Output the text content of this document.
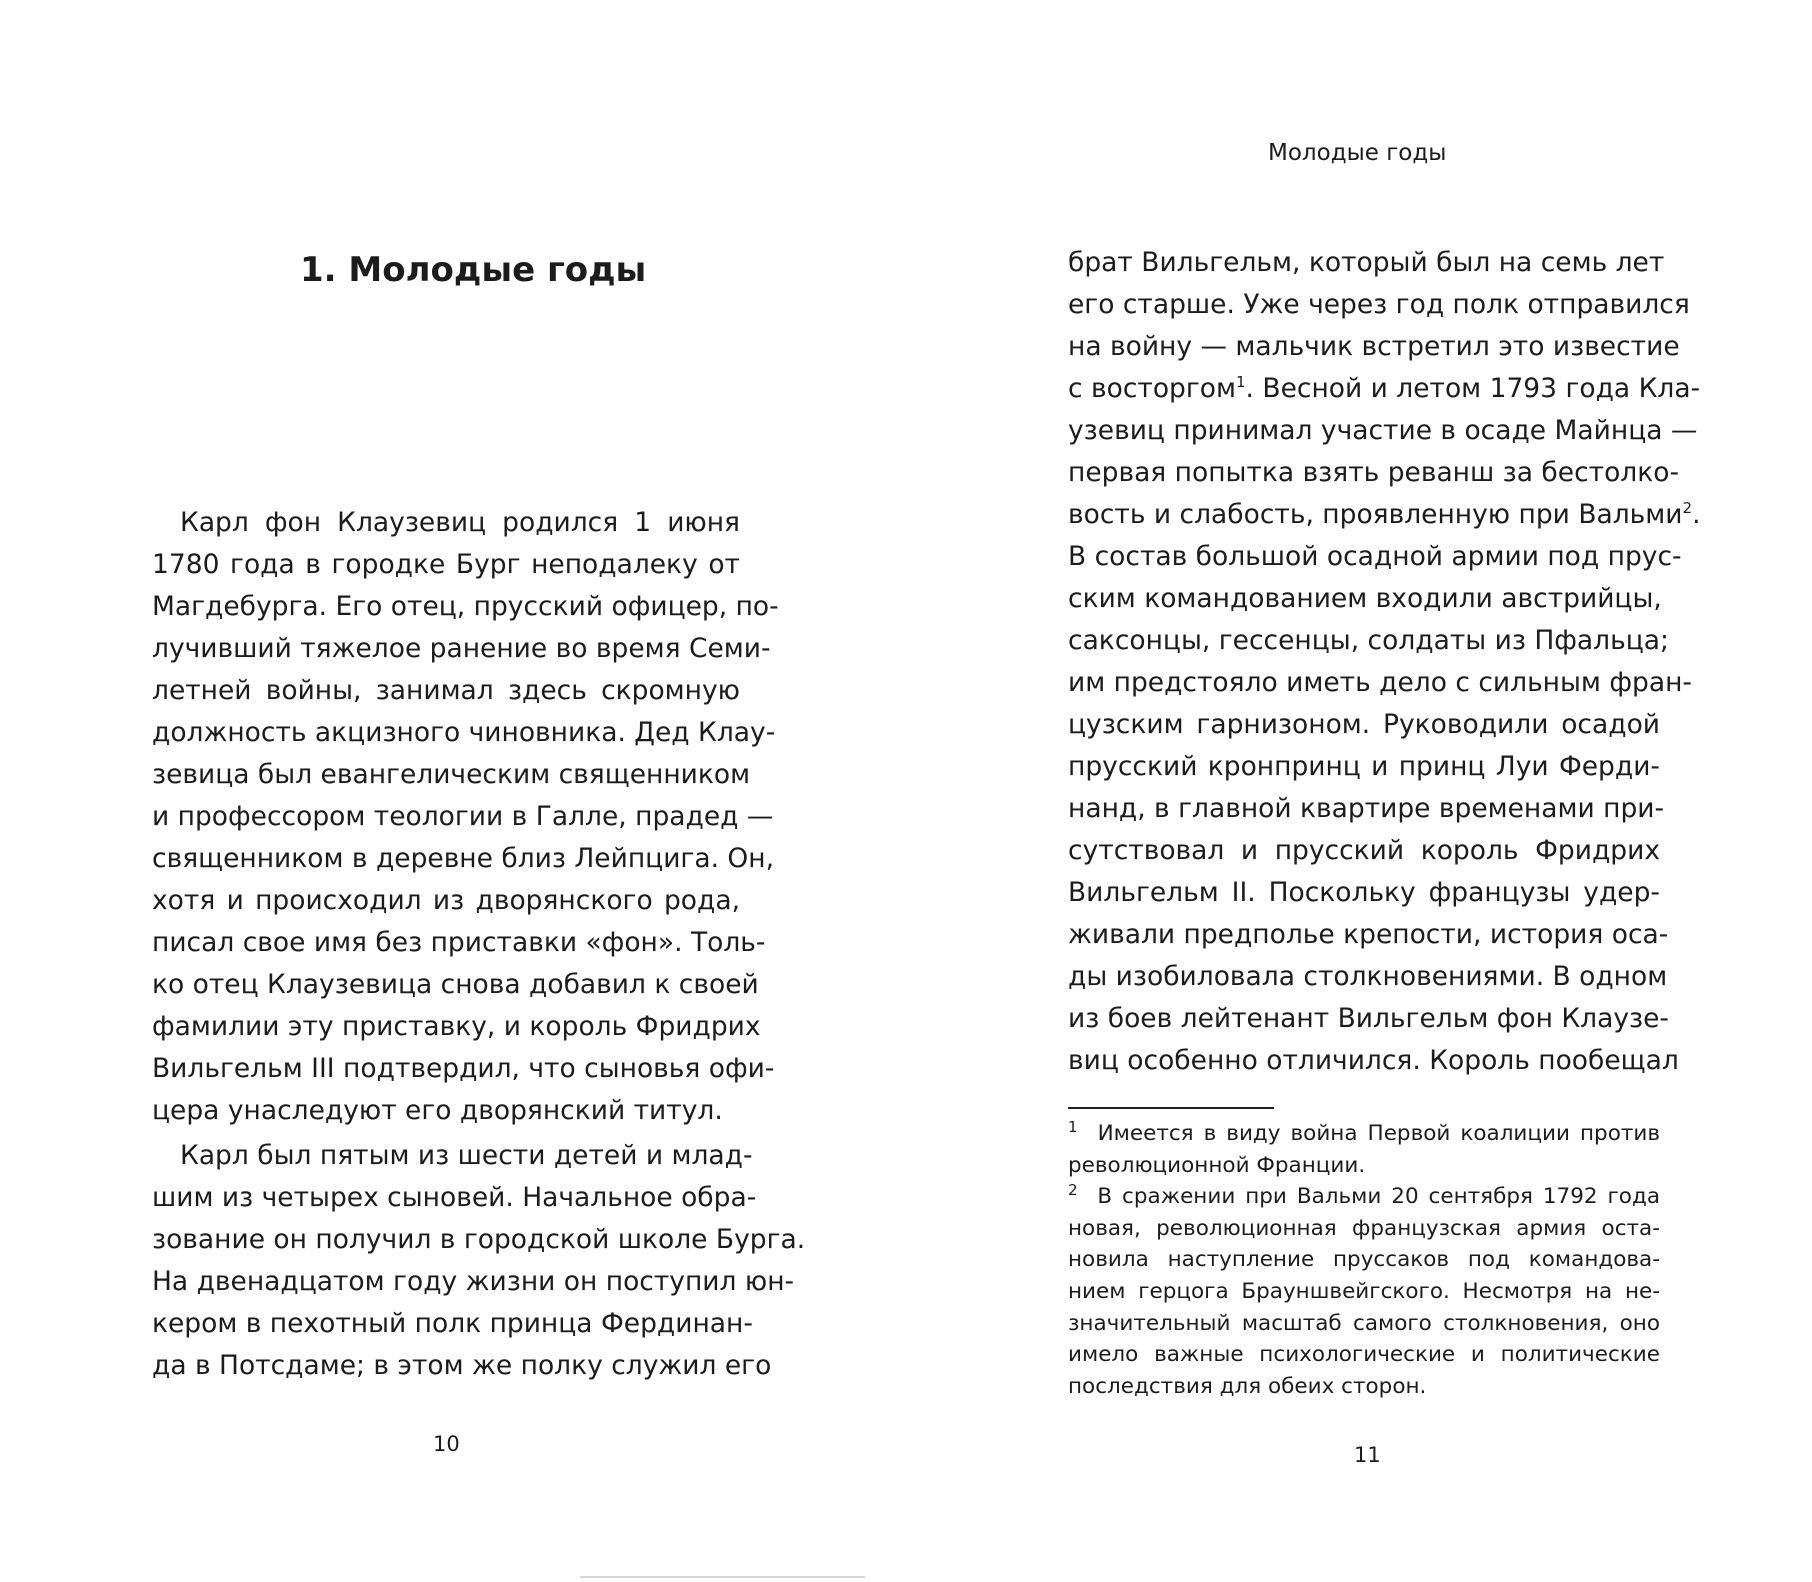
1. Молодые годы
Карл фон Клаузевиц родился 1 июня
1780 года в городке Бург неподалеку от
Магдебурга. Его отец, прусский офицер, по-
лучивший тяжелое ранение во время Семи-
летней войны, занимал здесь скромную
должность акцизного чиновника. Дед Клау-
зевица был евангелическим священником
и профессором теологии в Галле, прадед —
священником в деревне близ Лейпцига. Он,
хотя и происходил из дворянского рода,
писал свое имя без приставки «фон». Толь-
ко отец Клаузевица снова добавил к своей
фамилии эту приставку, и король Фридрих
Вильгельм III подтвердил, что сыновья офи-
цера унаследуют его дворянский титул.
Карл был пятым из шести детей и млад-
шим из четырех сыновей. Начальное обра-
зование он получил в городской школе Бурга.
На двенадцатом году жизни он поступил юн-
кером в пехотный полк принца Фердинан-
да в Потсдаме; в этом же полку служил его
10
Молодые годы
брат Вильгельм, который был на семь лет
его старше. Уже через год полк отправился
на войну — мальчик встретил это известие
с восторгом$^1$. Весной и летом 1793 года Кла-
узевиц принимал участие в осаде Майнца —
первая попытка взять реванш за бестолко-
вость и слабость, проявленную при Вальми$^2$.
В состав большой осадной армии под прус-
ским командованием входили австрийцы,
саксонцы, гессенцы, солдаты из Пфальца;
им предстояло иметь дело с сильным фран-
цузским гарнизоном. Руководили осадой
прусский кронпринц и принц Луи Ферди-
нанд, в главной квартире временами при-
сутствовал и прусский король Фридрих
Вильгельм II. Поскольку французы удер-
живали предполье крепости, история оса-
ды изобиловала столкновениями. В одном
из боев лейтенант Вильгельм фон Клаузе-
виц особенно отличился. Король пообещал
$^1$ Имеется в виду война Первой коалиции против
революционной Франции.
$^2$ В сражении при Вальми 20 сентября 1792 года
новая, революционная французская армия оста-
новила наступление пруссаков под командова-
нием герцога Брауншвейгского. Несмотря на не-
значительный масштаб самого столкновения, оно
имело важные психологические и политические
последствия для обеих сторон.
11
